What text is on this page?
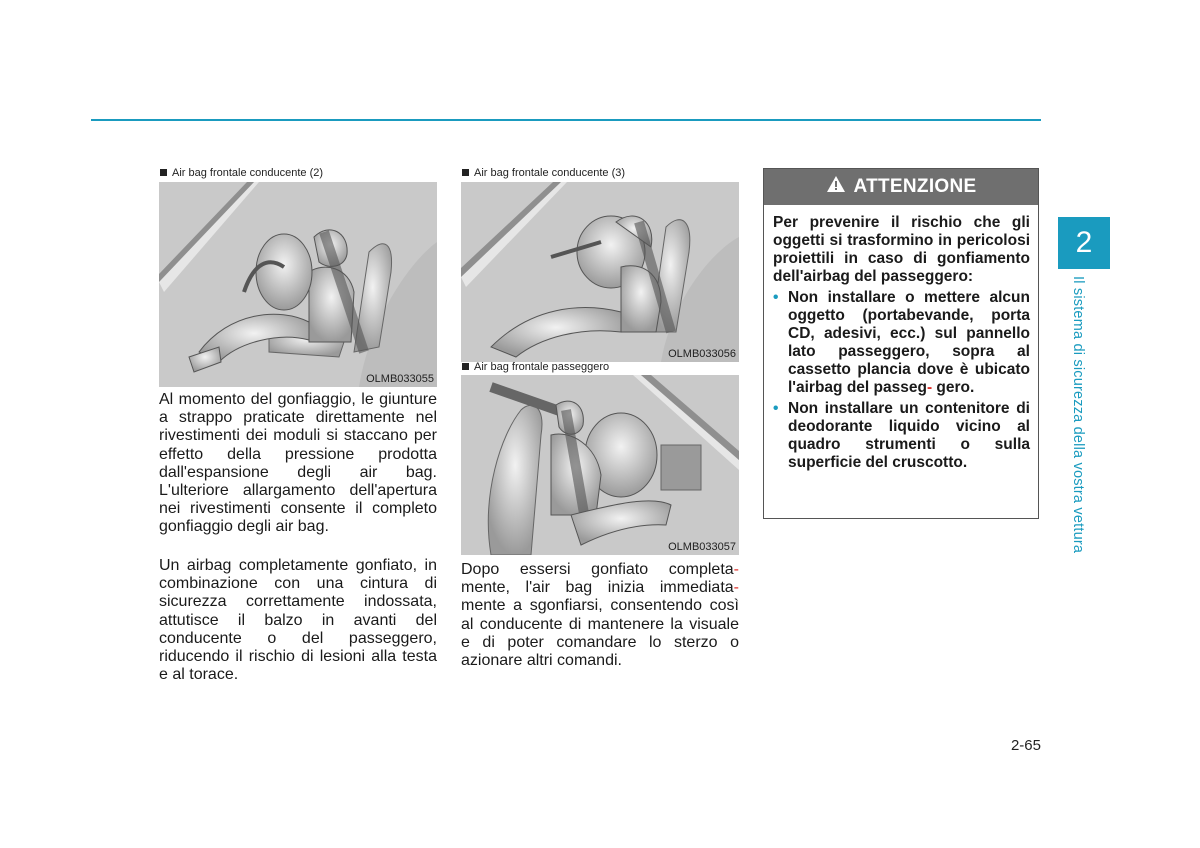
Air bag frontale conducente (2)
OLMB033055
Air bag frontale conducente (3)
OLMB033056
Air bag frontale passeggero
OLMB033057

Al momento del gonfiaggio, le giunture a strappo praticate direttamente nel rivestimenti dei moduli si staccano per effetto della pressione prodotta dall'espansione degli air bag. L'ulteriore allargamento dell'apertura nei rivestimenti consente il completo gonfiaggio degli air bag.

Un airbag completamente gonfiato, in combinazione con una cintura di sicurezza correttamente indossata, attutisce il balzo in avanti del conducente o del passeggero, riducendo il rischio di lesioni alla testa e al torace.

Dopo essersi gonfiato completa- mente, l'air bag inizia immediata- mente a sgonfiarsi, consentendo così al conducente di mantenere la visuale e di poter comandare lo sterzo o azionare altri comandi.

ATTENZIONE

Per prevenire il rischio che gli oggetti si trasformino in pericolosi proiettili in caso di gonfiamento dell'airbag del passeggero:

• Non installare o mettere alcun oggetto (portabevande, porta CD, adesivi, ecc.) sul pannello lato passeggero, sopra al cassetto plancia dove è ubicato l'airbag del passeg- gero.

• Non installare un contenitore di deodorante liquido vicino al quadro strumenti o sulla superficie del cruscotto.

2
Il sistema di sicurezza della vostra vettura
2-65
